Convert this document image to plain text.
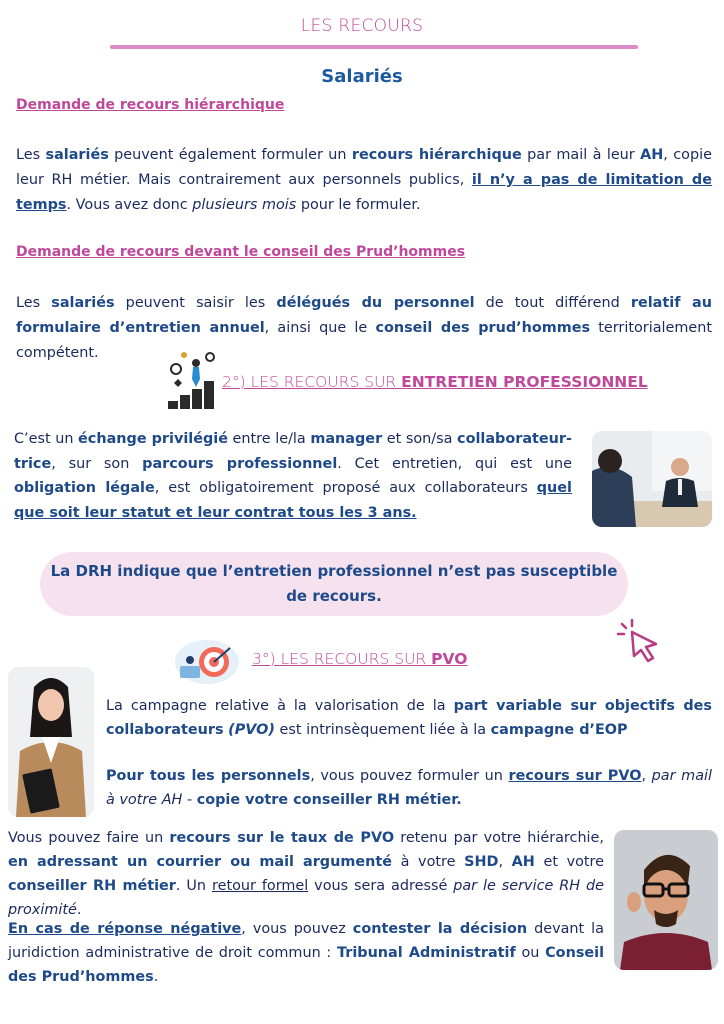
LES RECOURS
Salariés
Demande de recours hiérarchique
Les salariés peuvent également formuler un recours hiérarchique par mail à leur AH, copie leur RH métier. Mais contrairement aux personnels publics, il n’y a pas de limitation de temps. Vous avez donc plusieurs mois pour le formuler.
Demande de recours devant le conseil des Prud’hommes
Les salariés peuvent saisir les délégués du personnel de tout différend relatif au formulaire d’entretien annuel, ainsi que le conseil des prud’hommes territorialement compétent.
2°) LES RECOURS SUR ENTRETIEN PROFESSIONNEL
C’est un échange privilégié entre le/la manager et son/sa collaborateur-trice, sur son parcours professionnel. Cet entretien, qui est une obligation légale, est obligatoirement proposé aux collaborateurs quel que soit leur statut et leur contrat tous les 3 ans.
La DRH indique que l’entretien professionnel n’est pas susceptible de recours.
3°) LES RECOURS SUR PVO
La campagne relative à la valorisation de la part variable sur objectifs des collaborateurs (PVO) est intrinsèquement liée à la campagne d’EOP
Pour tous les personnels, vous pouvez formuler un recours sur PVO, par mail à votre AH - copie votre conseiller RH métier.
Vous pouvez faire un recours sur le taux de PVO retenu par votre hiérarchie, en adressant un courrier ou mail argumenté à votre SHD, AH et votre conseiller RH métier. Un retour formel vous sera adressé par le service RH de proximité.
En cas de réponse négative, vous pouvez contester la décision devant la juridiction administrative de droit commun : Tribunal Administratif ou Conseil des Prud’hommes.
